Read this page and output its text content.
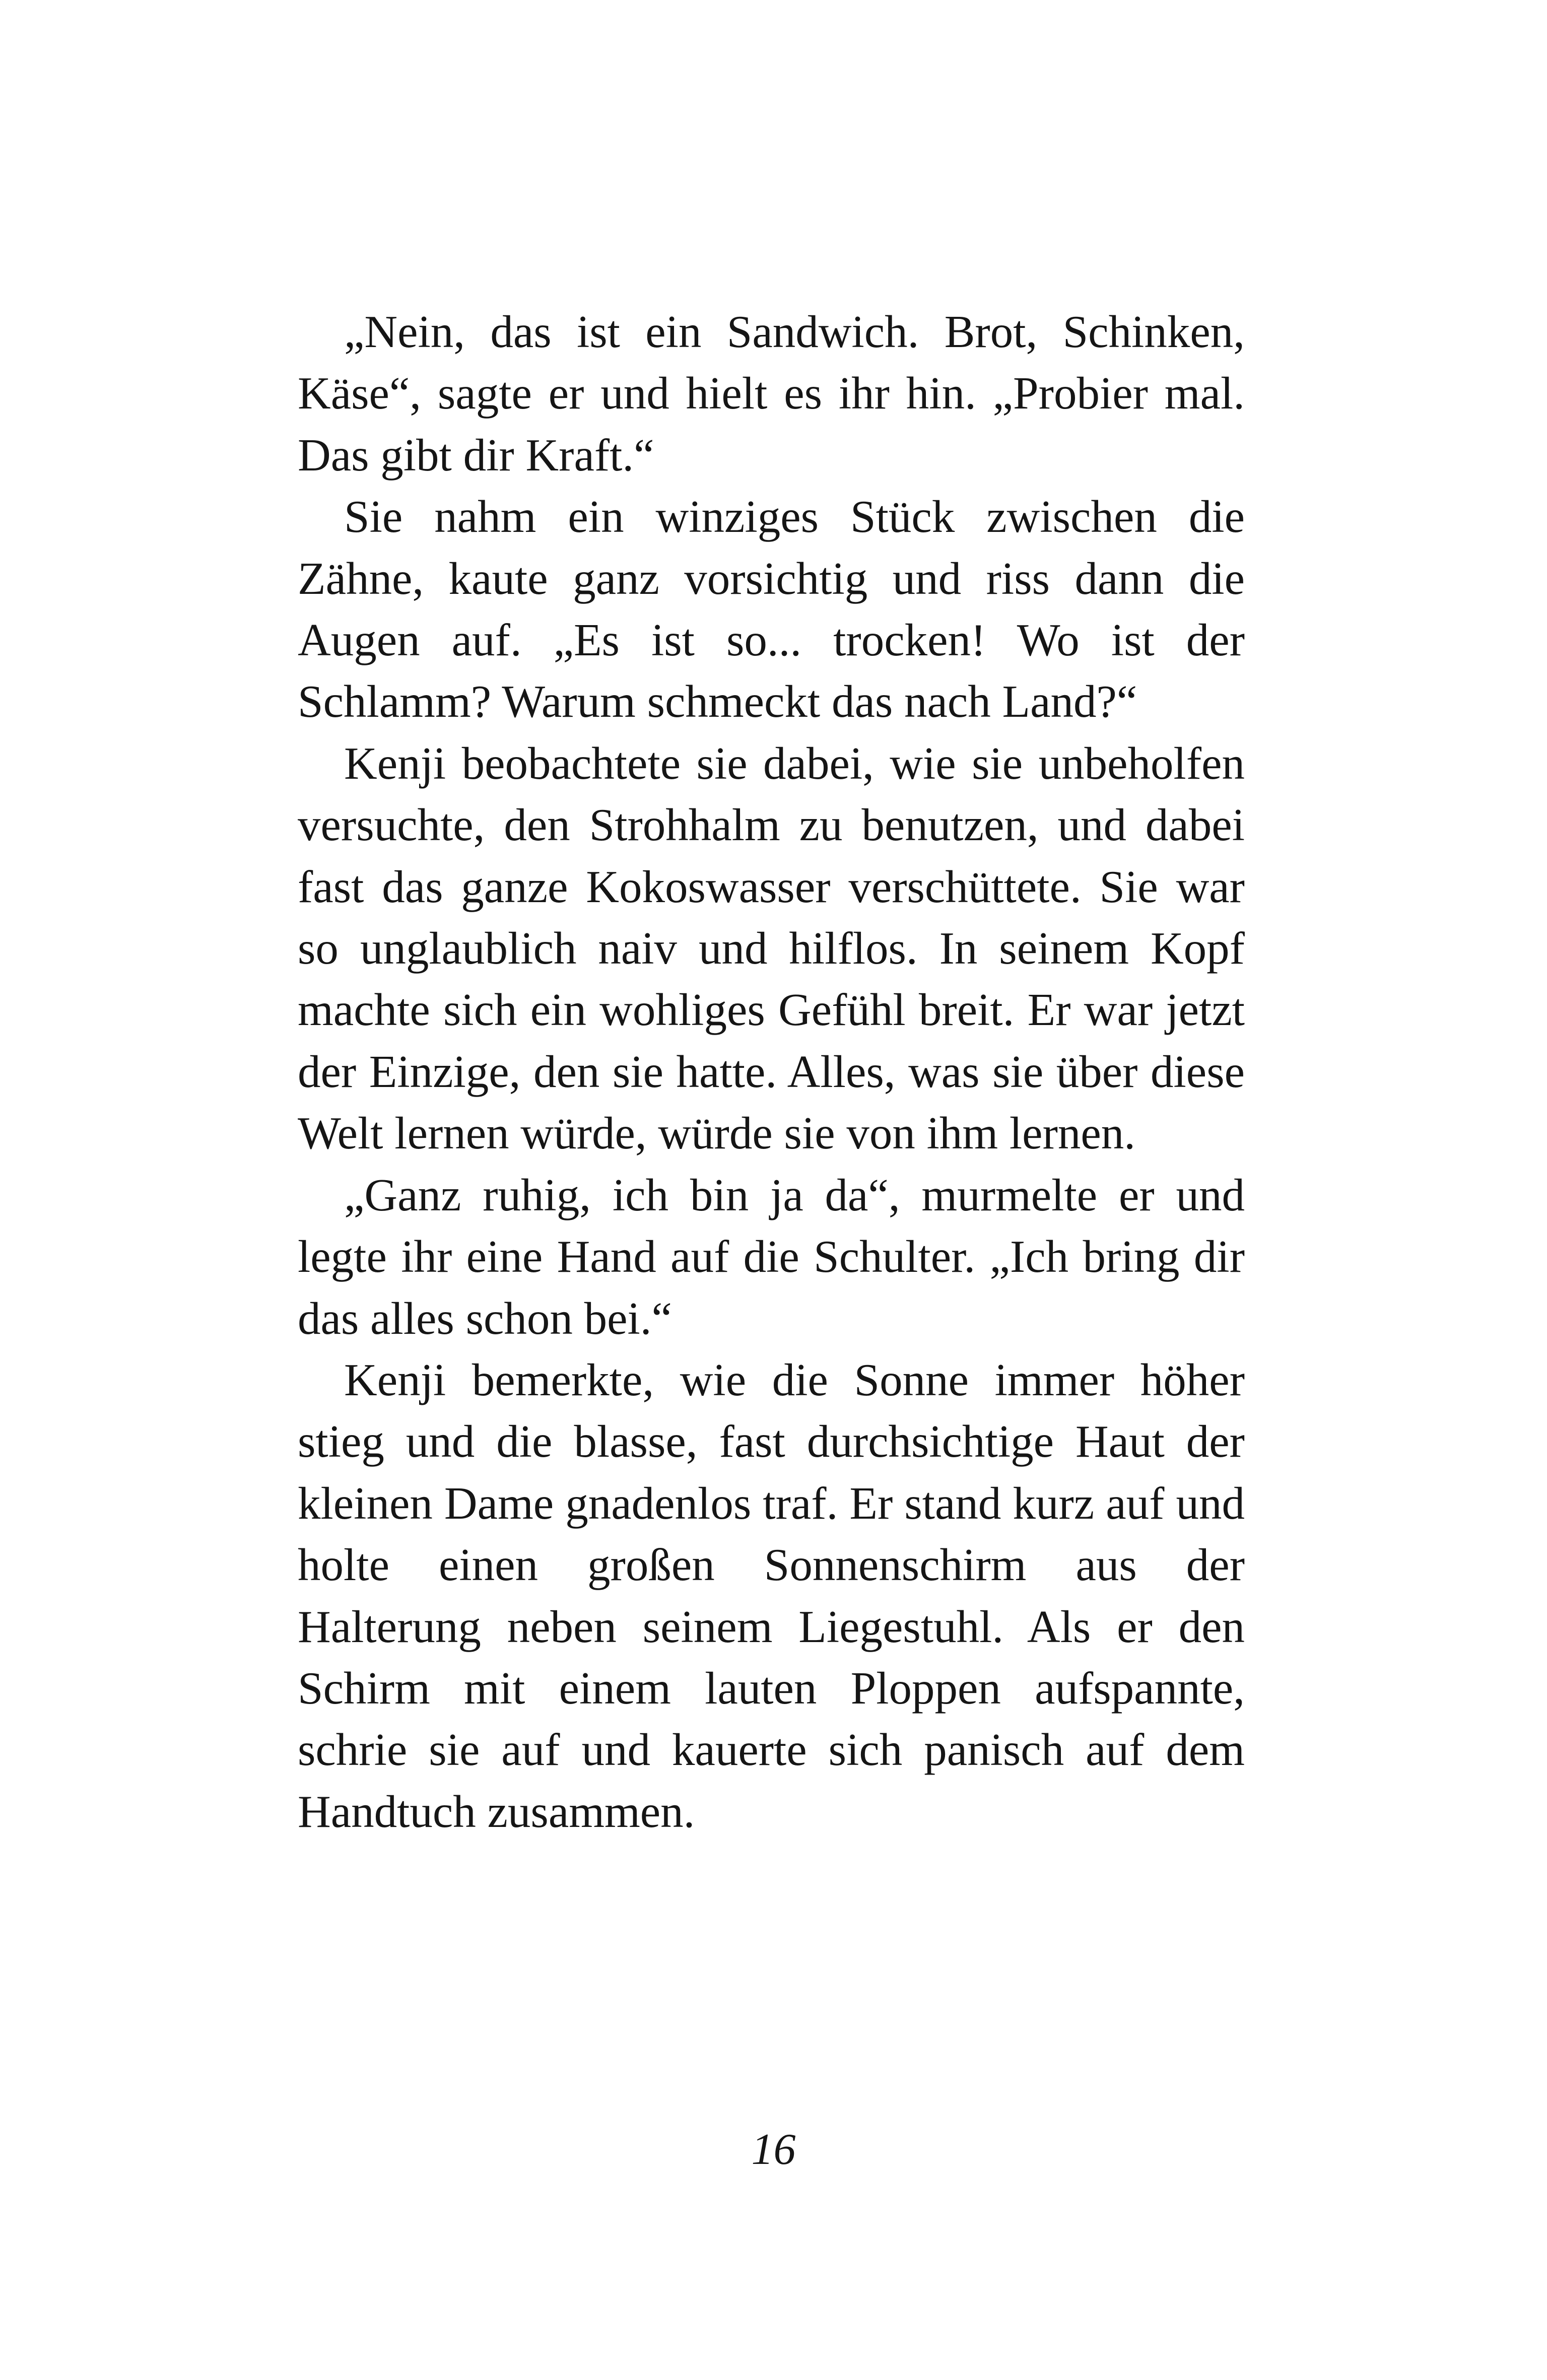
„Nein, das ist ein Sandwich. Brot, Schinken, Käse“, sagte er und hielt es ihr hin. „Probier mal. Das gibt dir Kraft.“

Sie nahm ein winziges Stück zwischen die Zähne, kaute ganz vorsichtig und riss dann die Augen auf. „Es ist so... trocken! Wo ist der Schlamm? Warum schmeckt das nach Land?“

Kenji beobachtete sie dabei, wie sie unbeholfen versuchte, den Strohhalm zu benutzen, und dabei fast das ganze Kokoswasser verschüttete. Sie war so unglaublich naiv und hilflos. In seinem Kopf machte sich ein wohliges Gefühl breit. Er war jetzt der Einzige, den sie hatte. Alles, was sie über diese Welt lernen würde, würde sie von ihm lernen.

„Ganz ruhig, ich bin ja da“, murmelte er und legte ihr eine Hand auf die Schulter. „Ich bring dir das alles schon bei.“

Kenji bemerkte, wie die Sonne immer höher stieg und die blasse, fast durchsichtige Haut der kleinen Dame gnadenlos traf. Er stand kurz auf und holte einen großen Sonnenschirm aus der Halterung neben seinem Liegestuhl. Als er den Schirm mit einem lauten Ploppen aufspannte, schrie sie auf und kauerte sich panisch auf dem Handtuch zusammen.

16
